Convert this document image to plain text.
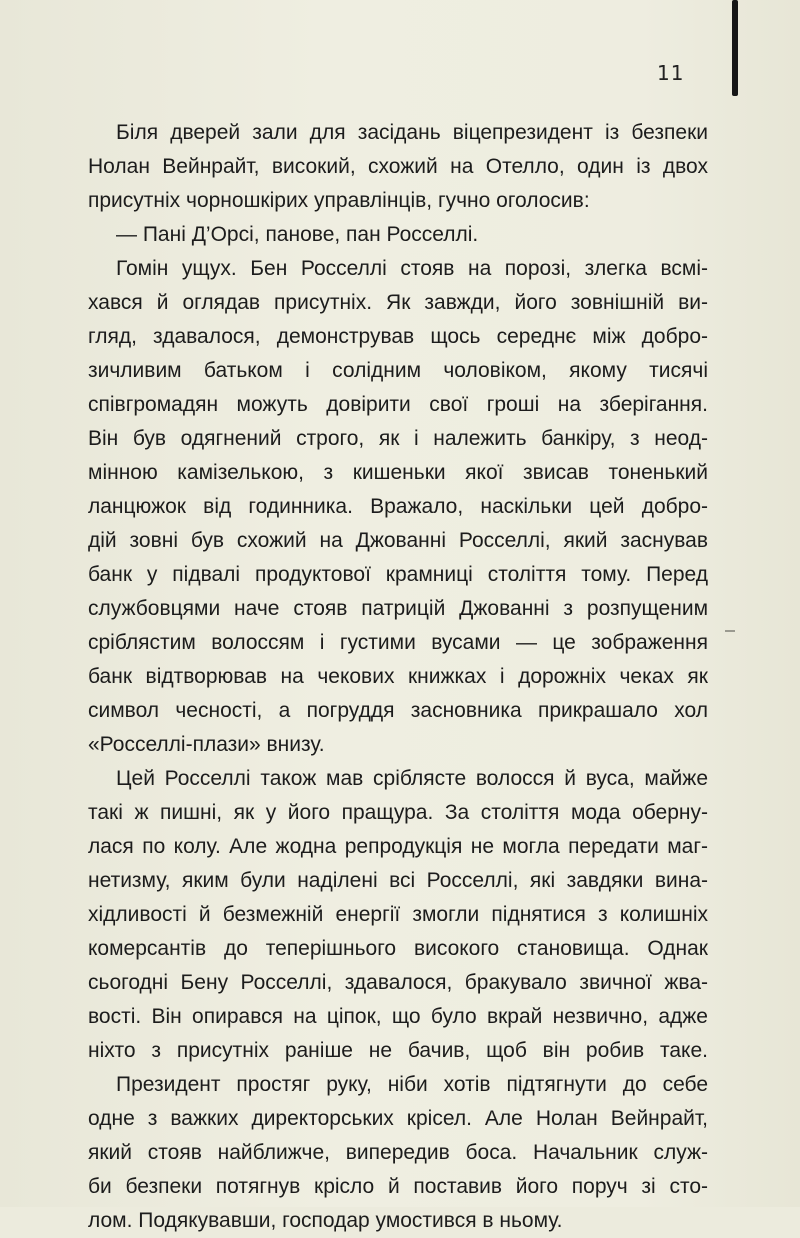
11
Біля дверей зали для засідань віцепрезидент із безпеки
Нолан Вейнрайт, високий, схожий на Отелло, один із двох
присутніх чорношкірих управлінців, гучно оголосив:
— Пані Д’Орсі, панове, пан Росселлі.
Гомін ущух. Бен Росселлі стояв на порозі, злегка всмі-
хався й оглядав присутніх. Як завжди, його зовнішній ви-
гляд, здавалося, демонстрував щось середнє між добро-
зичливим батьком і солідним чоловіком, якому тисячі
співгромадян можуть довірити свої гроші на зберігання.
Він був одягнений строго, як і належить банкіру, з неод-
мінною камізелькою, з кишеньки якої звисав тоненький
ланцюжок від годинника. Вражало, наскільки цей добро-
дій зовні був схожий на Джованні Росселлі, який заснував
банк у підвалі продуктової крамниці століття тому. Перед
службовцями наче стояв патрицій Джованні з розпущеним
сріблястим волоссям і густими вусами — це зображення
банк відтворював на чекових книжках і дорожніх чеках як
символ чесності, а погруддя засновника прикрашало хол
«Росселлі-плази» внизу.
Цей Росселлі також мав сріблясте волосся й вуса, майже
такі ж пишні, як у його пращура. За століття мода оберну-
лася по колу. Але жодна репродукція не могла передати маг-
нетизму, яким були наділені всі Росселлі, які завдяки вина-
хідливості й безмежній енергії змогли піднятися з колишніх
комерсантів до теперішнього високого становища. Однак
сьогодні Бену Росселлі, здавалося, бракувало звичної жва-
вості. Він опирався на ціпок, що було вкрай незвично, адже
ніхто з присутніх раніше не бачив, щоб він робив таке.
Президент простяг руку, ніби хотів підтягнути до себе
одне з важких директорських крісел. Але Нолан Вейнрайт,
який стояв найближче, випередив боса. Начальник служ-
би безпеки потягнув крісло й поставив його поруч зі сто-
лом. Подякувавши, господар умостився в ньому.
